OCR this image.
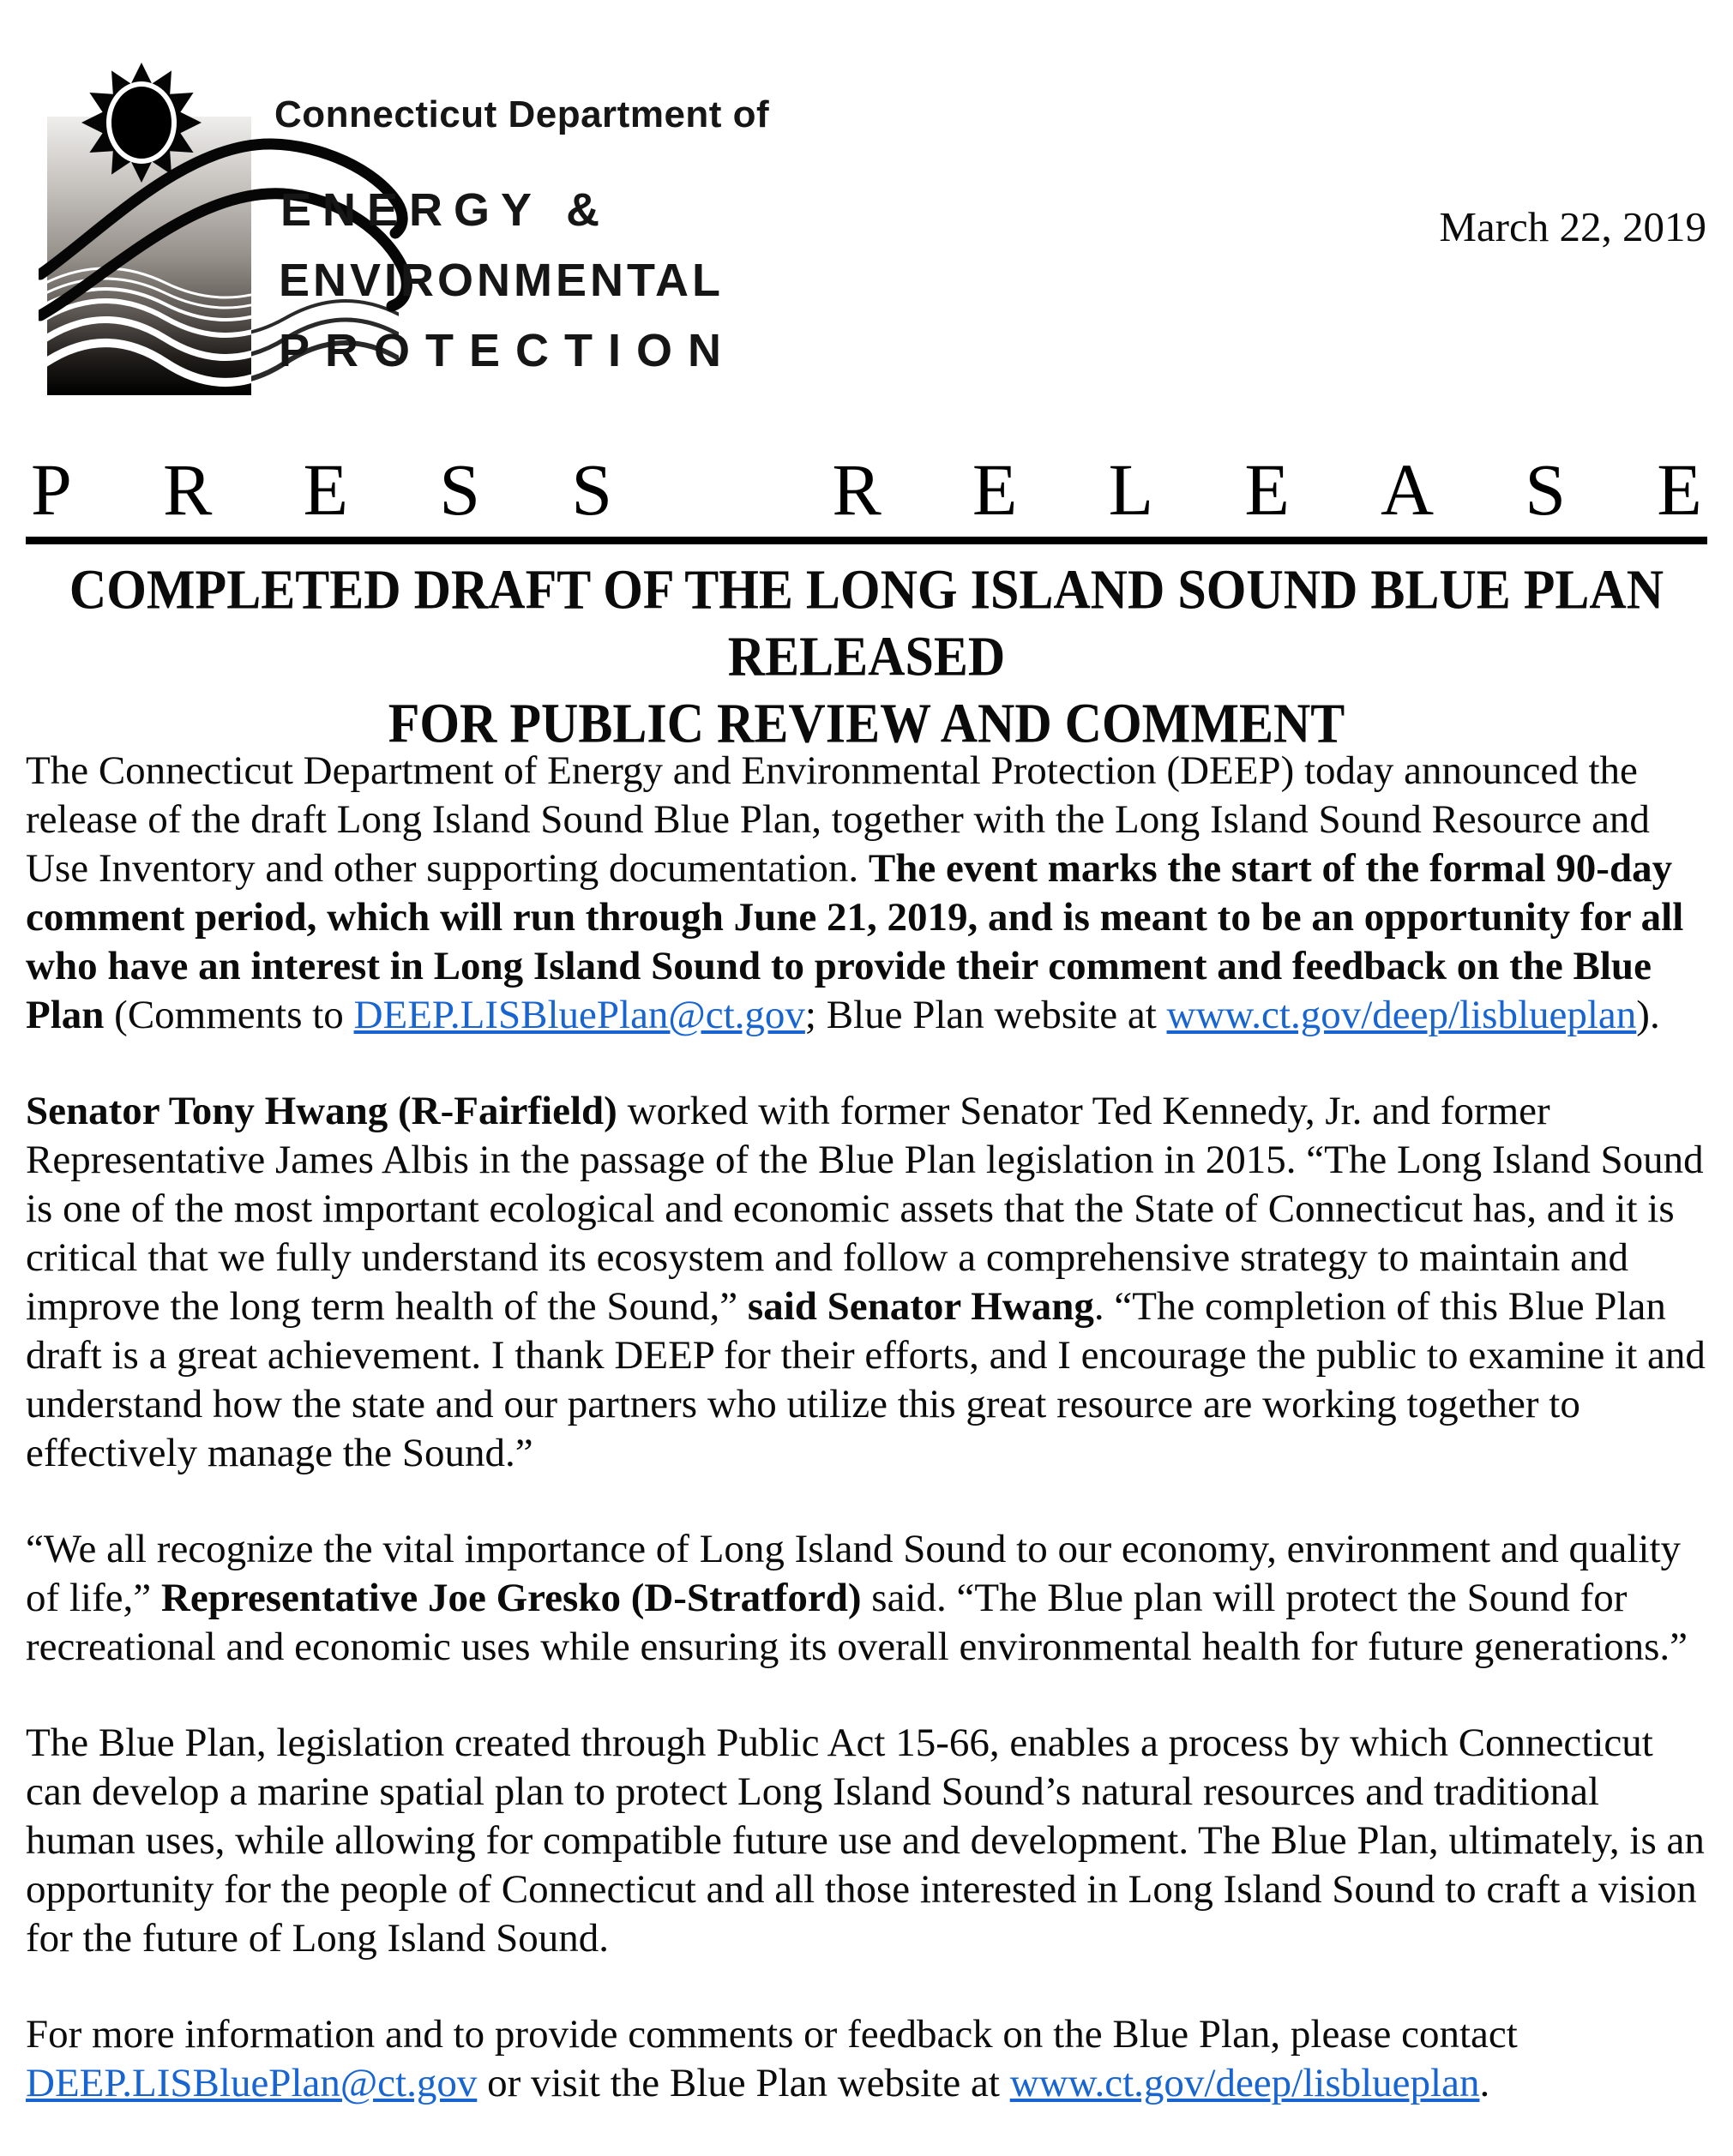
Connecticut Department of
ENERGY &
ENVIRONMENTAL
PROTECTION
March 22, 2019
P R E S S	R E L E A S E
COMPLETED DRAFT OF THE LONG ISLAND SOUND BLUE PLAN RELEASED
FOR PUBLIC REVIEW AND COMMENT

The Connecticut Department of Energy and Environmental Protection (DEEP) today announced the release of the draft Long Island Sound Blue Plan, together with the Long Island Sound Resource and Use Inventory and other supporting documentation. The event marks the start of the formal 90-day comment period, which will run through June 21, 2019, and is meant to be an opportunity for all who have an interest in Long Island Sound to provide their comment and feedback on the Blue Plan (Comments to DEEP.LISBluePlan@ct.gov; Blue Plan website at www.ct.gov/deep/lisblueplan).

Senator Tony Hwang (R-Fairfield) worked with former Senator Ted Kennedy, Jr. and former Representative James Albis in the passage of the Blue Plan legislation in 2015. “The Long Island Sound is one of the most important ecological and economic assets that the State of Connecticut has, and it is critical that we fully understand its ecosystem and follow a comprehensive strategy to maintain and improve the long term health of the Sound,” said Senator Hwang. “The completion of this Blue Plan draft is a great achievement. I thank DEEP for their efforts, and I encourage the public to examine it and understand how the state and our partners who utilize this great resource are working together to effectively manage the Sound.”

“We all recognize the vital importance of Long Island Sound to our economy, environment and quality of life,” Representative Joe Gresko (D-Stratford) said. “The Blue plan will protect the Sound for recreational and economic uses while ensuring its overall environmental health for future generations.”

The Blue Plan, legislation created through Public Act 15-66, enables a process by which Connecticut can develop a marine spatial plan to protect Long Island Sound’s natural resources and traditional human uses, while allowing for compatible future use and development. The Blue Plan, ultimately, is an opportunity for the people of Connecticut and all those interested in Long Island Sound to craft a vision for the future of Long Island Sound.

For more information and to provide comments or feedback on the Blue Plan, please contact DEEP.LISBluePlan@ct.gov or visit the Blue Plan website at www.ct.gov/deep/lisblueplan.
